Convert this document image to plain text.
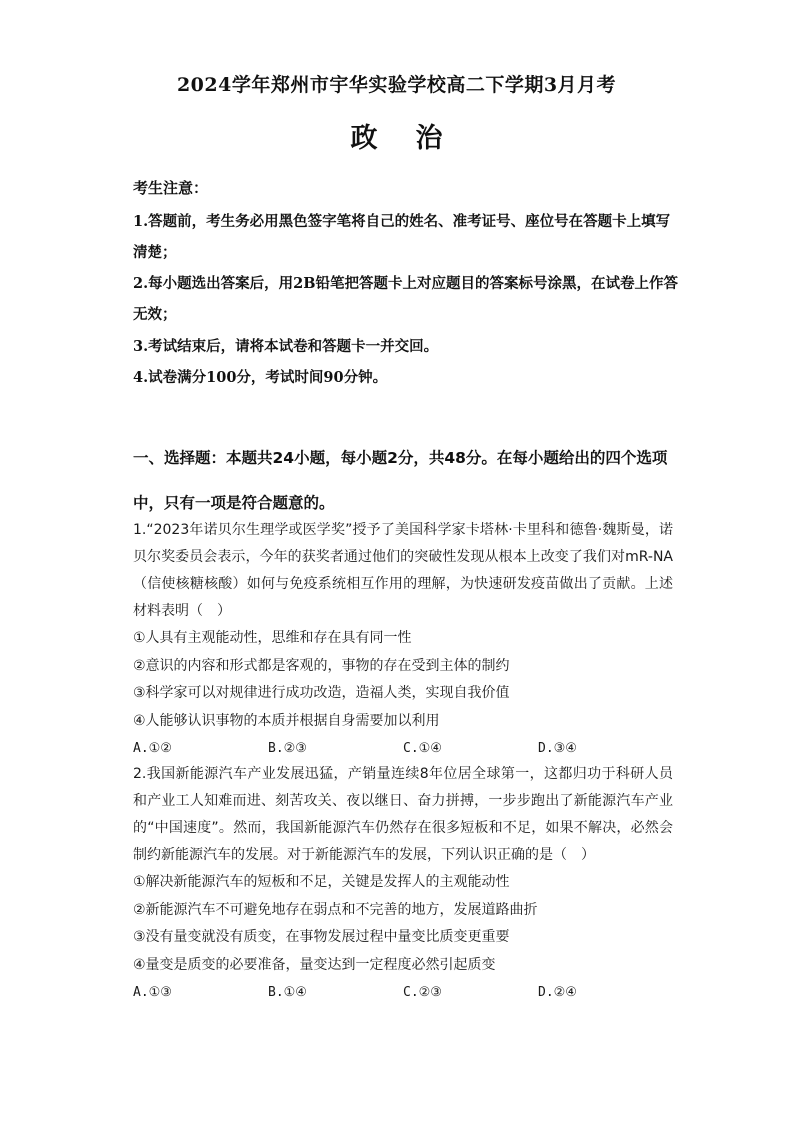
2024学年郑州市宇华实验学校高二下学期3月月考
政治
考生注意：
1.答题前，考生务必用黑色签字笔将自己的姓名、准考证号、座位号在答题卡上填写清楚；
2.每小题选出答案后，用2B铅笔把答题卡上对应题目的答案标号涂黑，在试卷上作答无效；
3.考试结束后，请将本试卷和答题卡一并交回。
4.试卷满分100分，考试时间90分钟。
一、选择题：本题共24小题，每小题2分，共48分。在每小题给出的四个选项中，只有一项是符合题意的。
1.“2023年诺贝尔生理学或医学奖”授予了美国科学家卡塔林·卡里科和德鲁·魏斯曼，诺贝尔奖委员会表示，今年的获奖者通过他们的突破性发现从根本上改变了我们对mR-NA（信使核糖核酸）如何与免疫系统相互作用的理解，为快速研发疫苗做出了贡献。上述材料表明（　）
①人具有主观能动性，思维和存在具有同一性
②意识的内容和形式都是客观的，事物的存在受到主体的制约
③科学家可以对规律进行成功改造，造福人类，实现自我价值
④人能够认识事物的本质并根据自身需要加以利用
A.①②	B.②③	C.①④	D.③④
2.我国新能源汽车产业发展迅猛，产销量连续8年位居全球第一，这都归功于科研人员和产业工人知难而进、刻苦攻关、夜以继日、奋力拼搏，一步步跑出了新能源汽车产业的“中国速度”。然而，我国新能源汽车仍然存在很多短板和不足，如果不解决，必然会制约新能源汽车的发展。对于新能源汽车的发展，下列认识正确的是（　）
①解决新能源汽车的短板和不足，关键是发挥人的主观能动性
②新能源汽车不可避免地存在弱点和不完善的地方，发展道路曲折
③没有量变就没有质变，在事物发展过程中量变比质变更重要
④量变是质变的必要准备，量变达到一定程度必然引起质变
A.①③	B.①④	C.②③	D.②④
